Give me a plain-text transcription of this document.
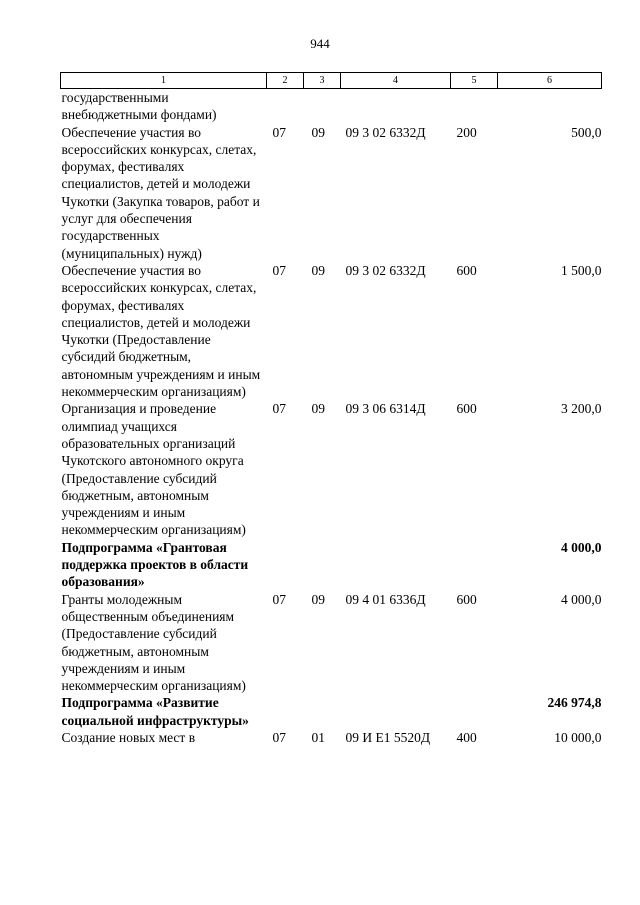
944
1	2	3	4	5	6
государственными внебюджетными фондами)					
Обеспечение участия во всероссийских конкурсах, слетах, форумах, фестивалях специалистов, детей и молодежи Чукотки (Закупка товаров, работ и услуг для обеспечения государственных (муниципальных) нужд)	07	09	09 3 02 6332Д	200	500,0
Обеспечение участия во всероссийских конкурсах, слетах, форумах, фестивалях специалистов, детей и молодежи Чукотки (Предоставление субсидий бюджетным, автономным учреждениям и иным некоммерческим организациям)	07	09	09 3 02 6332Д	600	1 500,0
Организация и проведение олимпиад учащихся образовательных организаций Чукотского автономного округа (Предоставление субсидий бюджетным, автономным учреждениям и иным некоммерческим организациям)	07	09	09 3 06 6314Д	600	3 200,0
Подпрограмма «Грантовая поддержка проектов в области образования»					4 000,0
Гранты молодежным общественным объединениям (Предоставление субсидий бюджетным, автономным учреждениям и иным некоммерческим организациям)	07	09	09 4 01 6336Д	600	4 000,0
Подпрограмма «Развитие социальной инфраструктуры»					246 974,8
Создание новых мест в	07	01	09 И Е1 5520Д	400	10 000,0
